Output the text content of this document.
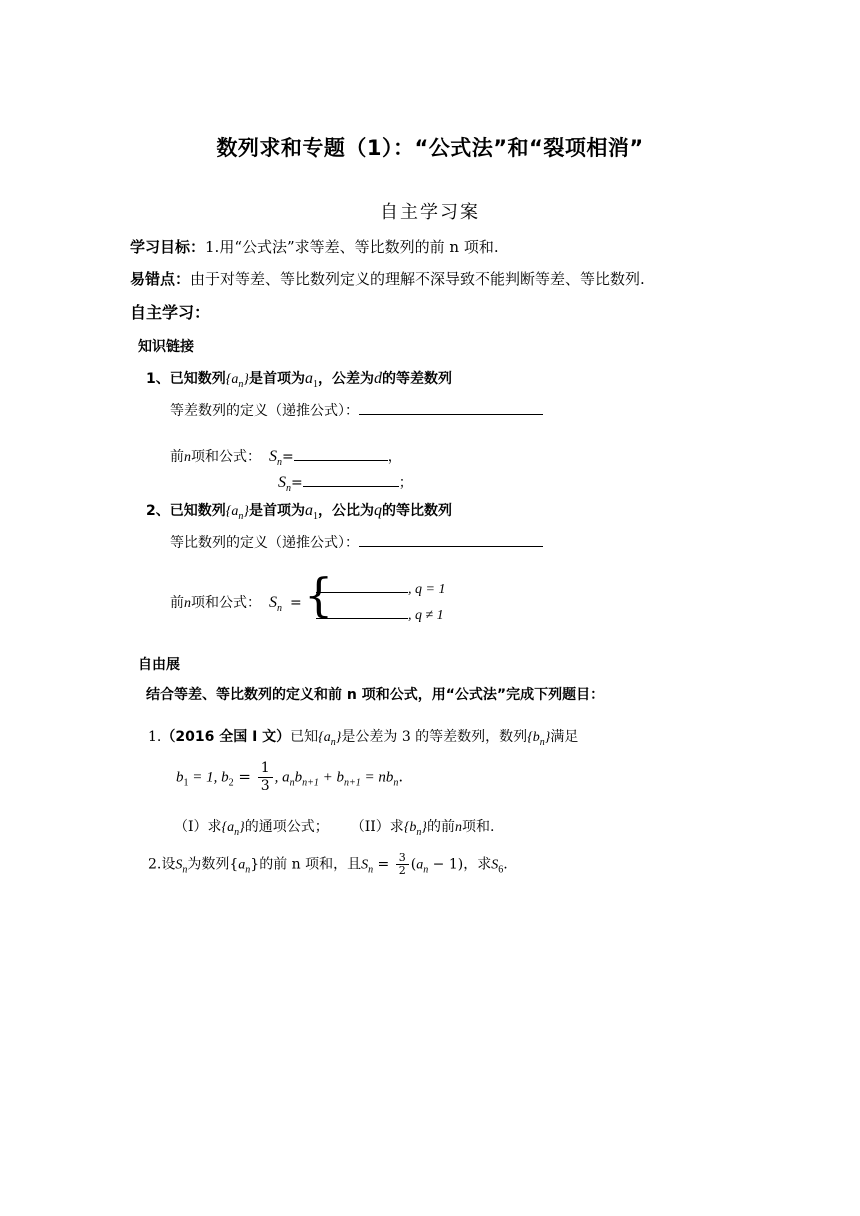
数列求和专题（1）：“公式法”和“裂项相消”
自主学习案
学习目标：1.用“公式法”求等差、等比数列的前 n 项和.
易错点：由于对等差、等比数列定义的理解不深导致不能判断等差、等比数列.
自主学习：
知识链接
1、已知数列$\{a_n\}$是首项为$a_1$，公差为d的等差数列
等差数列的定义（递推公式）：
前n项和公式： $S_n=$	，
$S_n=$	；
2、已知数列$\{a_n\}$是首项为$a_1$，公比为q的等比数列
等比数列的定义（递推公式）：
前n项和公式： $S_n$ = {	, q = 1
, q ≠ 1
自由展
结合等差、等比数列的定义和前 n 项和公式，用“公式法”完成下列题目：
1.（2016 全国 I 文）已知$\{a_n\}$是公差为 3 的等差数列，数列$\{b_n\}$满足
$b_1 = 1$, $b_2 = \frac{1}{3}$ , $a_nb_{n+1} + b_{n+1} = nb_n$.
（I）求$\{a_n\}$的通项公式； （II）求$\{b_n\}$的前n项和.
2.设$S_n$为数列$\{a_n\}$的前 n 项和，且$S_n = \frac{3}{2} (a_n - 1)$，求$S_6$.
